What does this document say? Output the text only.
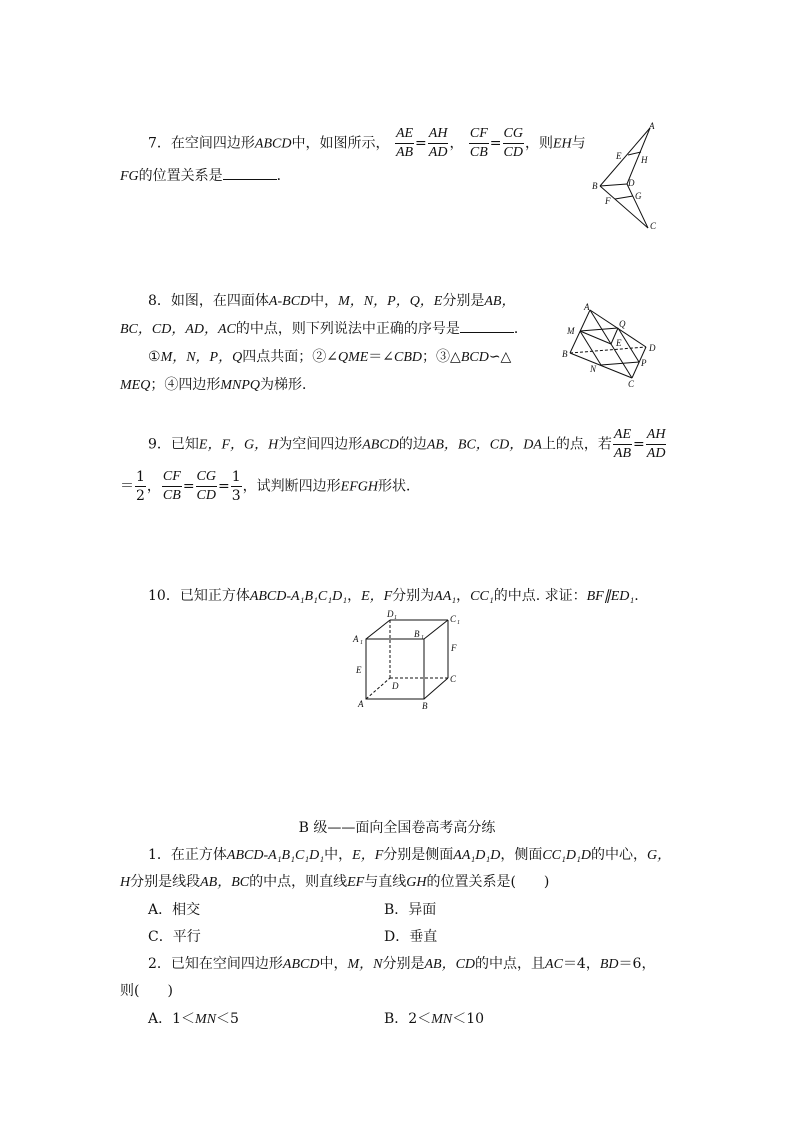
7．在空间四边形ABCD中，如图所示， $\frac{AE}{AB} = \frac{AH}{AD}$ ， $\frac{CF}{CB} = \frac{CG}{CD}$ ，则EH与
FG的位置关系是	．
A
E H
B	D
F	G
C
8．如图，在四面体A-BCD中，M，N，P，Q，E分别是AB，
BC，CD，AD，AC的中点，则下列说法中正确的序号是	．
①M，N，P，Q四点共面；②∠QME＝∠CBD；③△BCD∽△
MEQ；④四边形MNPQ为梯形．
A
M
Q
E	D
B
N
P
C
9．已知E，F，G，H为空间四边形ABCD的边AB，BC，CD，DA上的点，若 $\frac{AE}{AB} = \frac{AH}{AD}$
＝ $\frac{1}{2}$ ， $\frac{CF}{CB} = \frac{CG}{CD} = \frac{1}{3}$ ，试判断四边形EFGH形状．
10．已知正方体ABCD-A₁B₁C₁D₁，E，F分别为AA₁，CC₁的中点. 求证：BF∥ED₁.
D 1
B 1
C 1
A 1	F
E
D
C
A	B
B 级——面向全国卷高考高分练
1．在正方体ABCD-A₁B₁C₁D₁中，E，F分别是侧面AA₁D₁D，侧面CC₁D₁D的中心，G，
H分别是线段AB，BC的中点，则直线EF与直线GH的位置关系是(　　)
A．相交	B．异面
C．平行	D．垂直
2．已知在空间四边形ABCD中，M，N分别是AB，CD的中点，且AC＝4，BD＝6，
则(　　)
A．1＜MN＜5	B．2＜MN＜10
